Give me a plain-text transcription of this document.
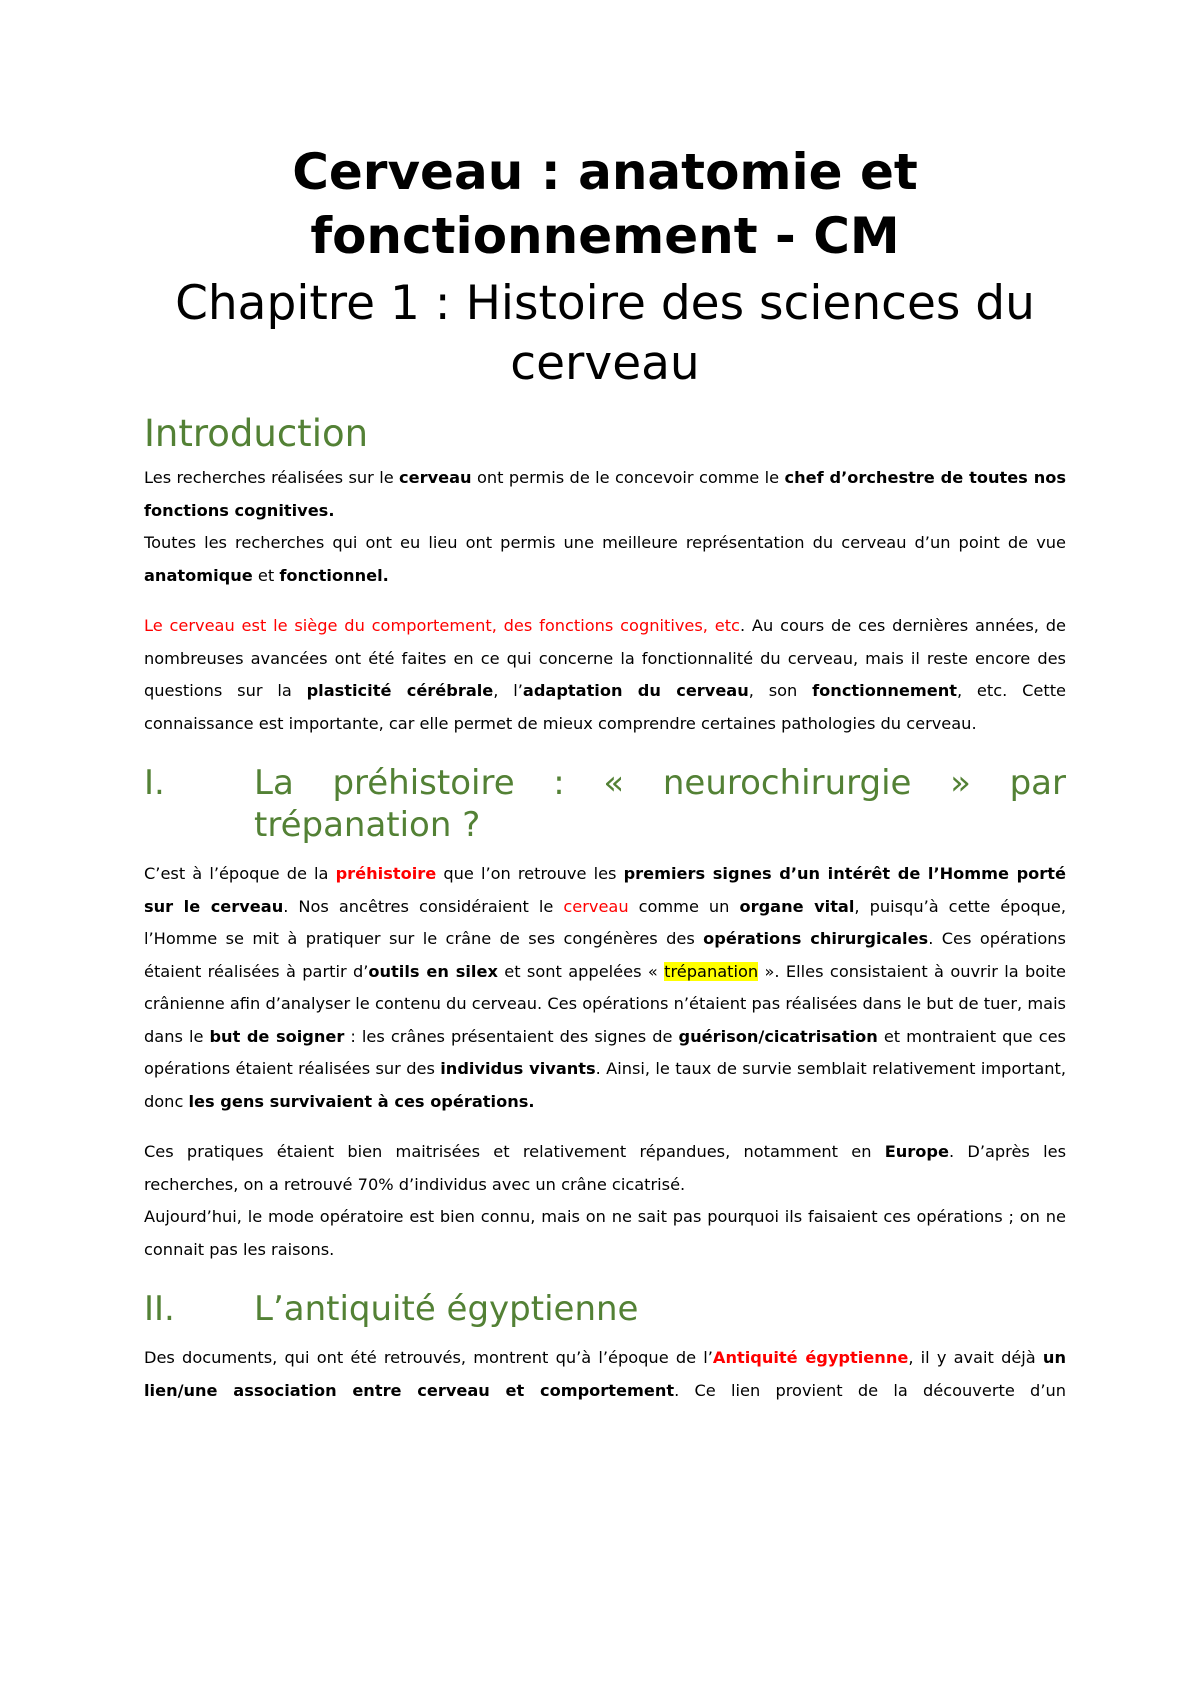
Cerveau : anatomie et
fonctionnement - CM
Chapitre 1 : Histoire des sciences du
cerveau
Introduction

Les recherches réalisées sur le cerveau ont permis de le concevoir comme le chef d’orchestre de toutes nos fonctions cognitives.

Toutes les recherches qui ont eu lieu ont permis une meilleure représentation du cerveau d’un point de vue anatomique et fonctionnel.

Le cerveau est le siège du comportement, des fonctions cognitives, etc. Au cours de ces dernières années, de nombreuses avancées ont été faites en ce qui concerne la fonctionnalité du cerveau, mais il reste encore des questions sur la plasticité cérébrale, l’adaptation du cerveau, son fonctionnement, etc. Cette connaissance est importante, car elle permet de mieux comprendre certaines pathologies du cerveau.

I.	La préhistoire : « neurochirurgie » par trépanation ?

C’est à l’époque de la préhistoire que l’on retrouve les premiers signes d’un intérêt de l’Homme porté sur le cerveau. Nos ancêtres considéraient le cerveau comme un organe vital, puisqu’à cette époque, l’Homme se mit à pratiquer sur le crâne de ses congénères des opérations chirurgicales. Ces opérations étaient réalisées à partir d’outils en silex et sont appelées « trépanation ». Elles consistaient à ouvrir la boite crânienne afin d’analyser le contenu du cerveau. Ces opérations n’étaient pas réalisées dans le but de tuer, mais dans le but de soigner : les crânes présentaient des signes de guérison/cicatrisation et montraient que ces opérations étaient réalisées sur des individus vivants. Ainsi, le taux de survie semblait relativement important, donc les gens survivaient à ces opérations.

Ces pratiques étaient bien maitrisées et relativement répandues, notamment en Europe. D’après les recherches, on a retrouvé 70% d’individus avec un crâne cicatrisé.

Aujourd’hui, le mode opératoire est bien connu, mais on ne sait pas pourquoi ils faisaient ces opérations ; on ne connait pas les raisons.

II.	L’antiquité égyptienne

Des documents, qui ont été retrouvés, montrent qu’à l’époque de l’Antiquité égyptienne, il y avait déjà un lien/une association entre cerveau et comportement. Ce lien provient de la découverte d’un
